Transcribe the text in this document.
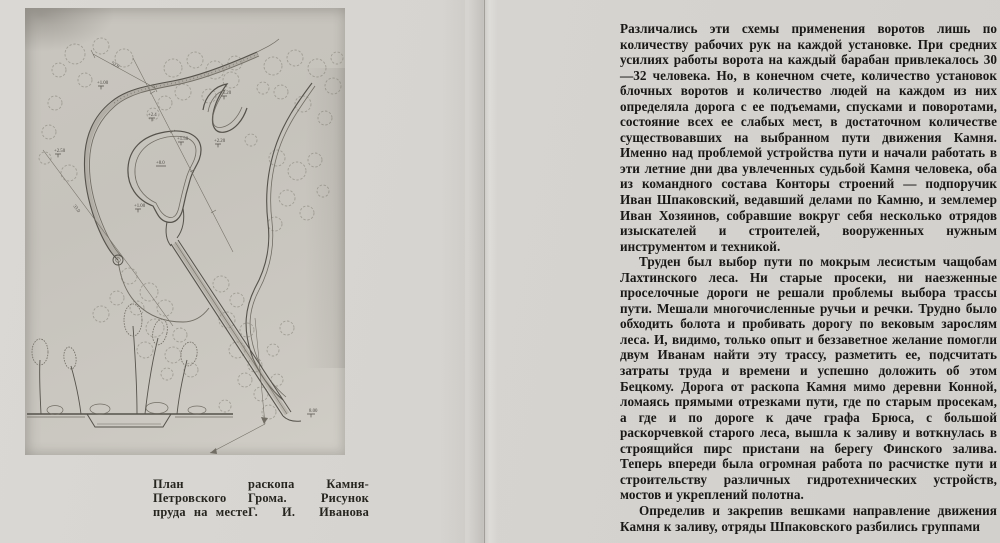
52.0
+1.00
+2.4
+1.50
+2.50
+1.20
+2.20
+8.0
+1.00
33.0
8.00
План
Петровского
пруда на месте
раскопа Камня-
Грома. Рисунок
Г. И. Иванова

Различались эти схемы применения воротов лишь по количеству рабочих рук на каждой установке. При средних усилиях работы ворота на каждый барабан привлекалось 30—32 человека. Но, в конечном счете, количество установок блочных воротов и количество людей на каждом из них определяла дорога с ее подъемами, спусками и поворотами, состояние всех ее слабых мест, в достаточном количестве существовавших на выбранном пути движения Камня. Именно над проблемой устройства пути и начали работать в эти летние дни два увлеченных судьбой Камня человека, оба из командного состава Конторы строений — подпоручик Иван Шпаковский, ведавший делами по Камню, и землемер Иван Хозяинов, собравшие вокруг себя несколько отрядов изыскателей и строителей, вооруженных нужным инструментом и техникой.

Труден был выбор пути по мокрым лесистым чащобам Лахтинского леса. Ни старые просеки, ни наезженные проселочные дороги не решали проблемы выбора трассы пути. Мешали многочисленные ручьи и речки. Трудно было обходить болота и пробивать дорогу по вековым зарослям леса. И, видимо, только опыт и беззаветное желание помогли двум Иванам найти эту трассу, разметить ее, подсчитать затраты труда и времени и успешно доложить об этом Бецкому. Дорога от раскопа Камня мимо деревни Конной, ломаясь прямыми отрезками пути, где по старым просекам, а где и по дороге к даче графа Брюса, с большой раскорчевкой старого леса, вышла к заливу и воткнулась в строящийся пирс пристани на берегу Финского залива. Теперь впереди была огромная работа по расчистке пути и строительству различных гидротехнических устройств, мостов и укреплений полотна.

Определив и закрепив вешками направление движения Камня к заливу, отряды Шпаковского разбились группами
